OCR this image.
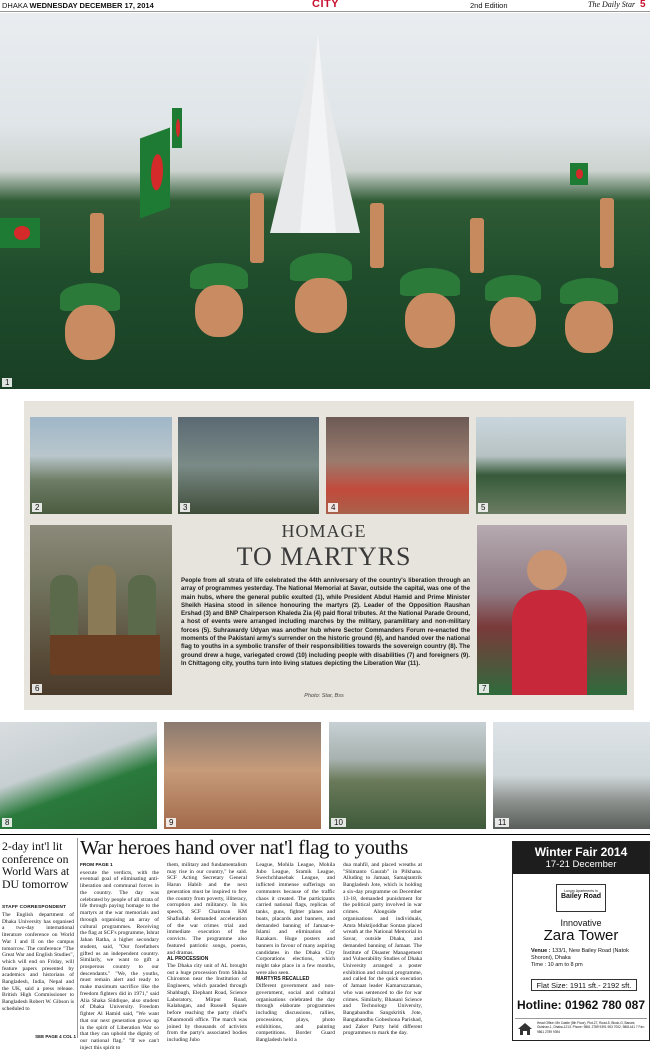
DHAKA WEDNESDAY DECEMBER 17, 2014	CITY	2nd Edition	The Daily Star 5
1
2	3	4	5
6
HOMAGE
TO MARTYRS
People from all strata of life celebrated the 44th anniversary of the country's liberation through an array of programmes yesterday. The National Memorial at Savar, outside the capital, was one of the main hubs, where the general public exulted (1), while President Abdul Hamid and Prime Minister Sheikh Hasina stood in silence honouring the martyrs (2). Leader of the Opposition Raushan Ershad (3) and BNP Chairperson Khaleda Zia (4) paid floral tributes. At the National Parade Ground, a host of events were arranged including marches by the military, paramilitary and non-military forces (5). Suhrawardy Udyan was another hub where Sector Commanders Forum re-enacted the moments of the Pakistani army's surrender on the historic ground (6), and handed over the national flag to youths in a symbolic transfer of their responsibilities towards the sovereign country (8). The ground drew a huge, variegated crowd (10) including people with disabilities (7) and foreigners (9). In Chittagong city, youths turn into living statues depicting the Liberation War (11).
Photo: Star, Bss
7
8	9	10	11
2-day int'l lit conference on World Wars at DU tomorrow
STAFF CORRESPONDENT
The English department of Dhaka University has organised a two-day international literature conference on World War I and II on the campus tomorrow. The conference "The Great War and English Studies", which will end on Friday, will feature papers presented by academics and historians of Bangladesh, India, Nepal and the UK, said a press release. British High Commissioner to Bangladesh Robert W. Gibson is scheduled to
SEE PAGE 4 COL 1
War heroes hand over nat'l flag to youths
FROM PAGE 1
execute the verdicts, with the eventual goal of eliminating anti-liberation and communal forces in the country. The day was celebrated by people of all strata of life through paying homage to the martyrs at the war memorials and through organising an array of cultural programmes. Receiving the flag at SCF's programme, Ishrat Jahan Ratha, a higher secondary student, said, "Our forefathers gifted us an independent country. Similarly, we want to gift a prosperous country to our descendants." "We, the youths, must remain alert and ready to make maximum sacrifice like the freedom fighters did in 1971," said Alia Shaka Siddique, also student of Dhaka University. Freedom fighter Al Hamid said, "We want that our next generation grows up in the spirit of Liberation War so that they can uphold the dignity of our national flag." "If we can't inject this spirit to
them, military and fundamentalism may rise in our country," he said. SCF Acting Secretary General Harun Habib and the next generation must be inspired to free the country from poverty, illiteracy, corruption and militancy. In his speech, SCF Chairman KM Shafiullah demanded acceleration of the war crimes trial and immediate execution of the convicts. The programme also featured patriotic songs, poems, and dramas.
AL PROCESSION
The Dhaka city unit of AL brought out a huge procession from Shikha Chironton near the Institution of Engineers, which paraded through Shahbagh, Elephant Road, Science Laboratory, Mirpur Road, Kalabagan, and Russell Square before reaching the party chief's Dhanmondi office. The march was joined by thousands of activists from the party's associated bodies including Jubo
League, Mohila League, Mohila Jubo League, Sramik League, Swechchhasebak League, and inflicted immense sufferings on commuters because of the traffic chaos it created. The participants carried national flags, replicas of tanks, guns, fighter planes and boats, placards and banners, and demanded banning of Jamaat-e-Islami and elimination of Razakars. Huge posters and banners in favour of many aspiring candidates in the Dhaka City Corporations elections, which might take place in a few months, were also seen.
MARTYRS RECALLED
Different government and non-government, social and cultural organisations celebrated the day through elaborate programmes including discussions, rallies, processions, plays, photo exhibitions, and painting competitions. Border Guard Bangladesh held a
dua mahfil, and placed wreaths at "Shimanto Gaurab" in Pilkhana. Alluding to Jamaat, Samajtantrik Bangladesh Jote, which is holding a six-day programme on December 13-18, demanded punishment for the political party involved in war crimes. Alongside other organisations and individuals, Amra Muktijoddhar Sontan placed wreath at the National Memorial in Savar, outside Dhaka, and demanded banning of Jamaat. The Institute of Disaster Management and Vulnerability Studies of Dhaka University arranged a poster exhibition and cultural programme, and called for the quick execution of Jamaat leader Kamaruzzaman, who was sentenced to die for war crimes. Similarly, Bhasani Science and Technology University, Bangabandhu Sangskritik Jote, Bangabandhu Gobeshona Parishad, and Zaker Party held different programmes to mark the day.
Winter Fair 2014
17-21 December
Luxury Apartments in
Bailey Road
Innovative
Zara Tower
Venue : 133/1, New Bailey Road (Natok Shoroni), Dhaka
Time : 10 am to 8 pm
Flat Size: 1911 sft.- 2192 sft.
Hotline: 01962 780 087
Head Office: Mir Castle (5th Floor), Plot-27, Road-5, Block-G, Banani, Gulshan-1, Dhaka-1213. Phone: 9861 2789 9391 963 7002, 9861441 7 Fax: 9861 2789 9394
